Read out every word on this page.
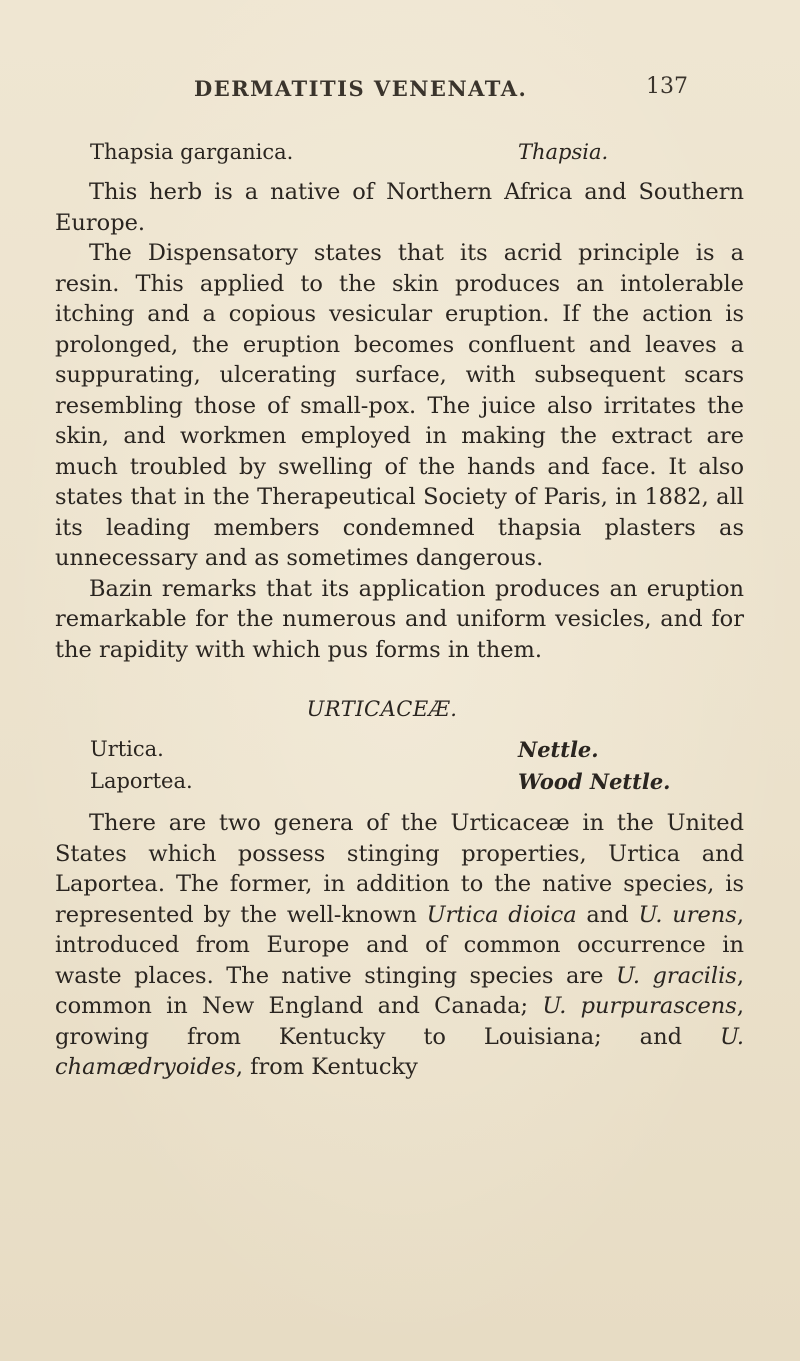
DERMATITIS VENENATA.	137
Thapsia garganica.	Thapsia.

This herb is a native of Northern Africa and Southern Europe.

The Dispensatory states that its acrid principle is a resin. This applied to the skin produces an intolerable itching and a copious vesicular eruption. If the action is prolonged, the eruption becomes confluent and leaves a suppurating, ulcerating surface, with subsequent scars resembling those of small-pox. The juice also irritates the skin, and workmen employed in making the extract are much troubled by swelling of the hands and face. It also states that in the Therapeutical Society of Paris, in 1882, all its leading members condemned thapsia plasters as unnecessary and as sometimes dangerous.

Bazin remarks that its application produces an eruption remarkable for the numerous and uniform vesicles, and for the rapidity with which pus forms in them.

URTICACEÆ.
Urtica.	Nettle.
Laportea.	Wood Nettle.

There are two genera of the Urticaceæ in the United States which possess stinging properties, Urtica and Laportea. The former, in addition to the native species, is represented by the well-known Urtica dioica and U. urens, introduced from Europe and of common occurrence in waste places. The native stinging species are U. gracilis, common in New England and Canada; U. purpurascens, growing from Kentucky to Louisiana; and U. chamædryoides, from Kentucky
